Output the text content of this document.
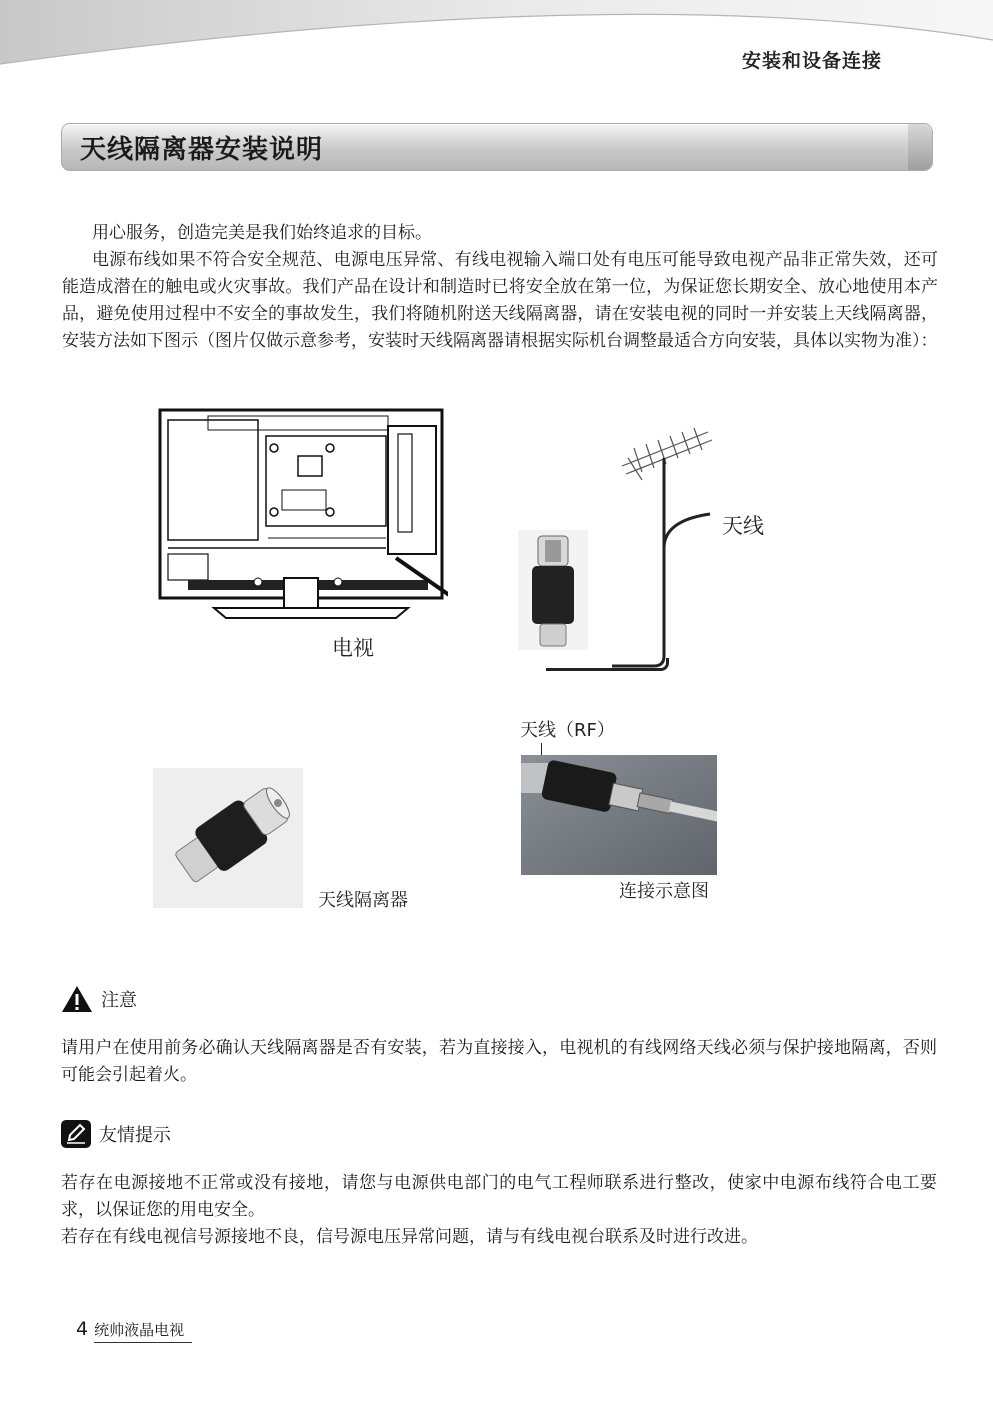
安装和设备连接
天线隔离器安装说明

用心服务，创造完美是我们始终追求的目标。

电源布线如果不符合安全规范、电源电压异常、有线电视输入端口处有电压可能导致电视产品非正常失效，还可能造成潜在的触电或火灾事故。我们产品在设计和制造时已将安全放在第一位，为保证您长期安全、放心地使用本产品，避免使用过程中不安全的事故发生，我们将随机附送天线隔离器，请在安装电视的同时一并安装上天线隔离器，安装方法如下图示（图片仅做示意参考，安装时天线隔离器请根据实际机台调整最适合方向安装，具体以实物为准）：

电视
天线
天线隔离器
天线（RF）
连接示意图
注意
请用户在使用前务必确认天线隔离器是否有安装，若为直接接入，电视机的有线网络天线必须与保护接地隔离，否则可能会引起着火。
友情提示
若存在电源接地不正常或没有接地，请您与电源供电部门的电气工程师联系进行整改，使家中电源布线符合电工要求，以保证您的用电安全。
若存在有线电视信号源接地不良，信号源电压异常问题，请与有线电视台联系及时进行改进。
4 统帅液晶电视
